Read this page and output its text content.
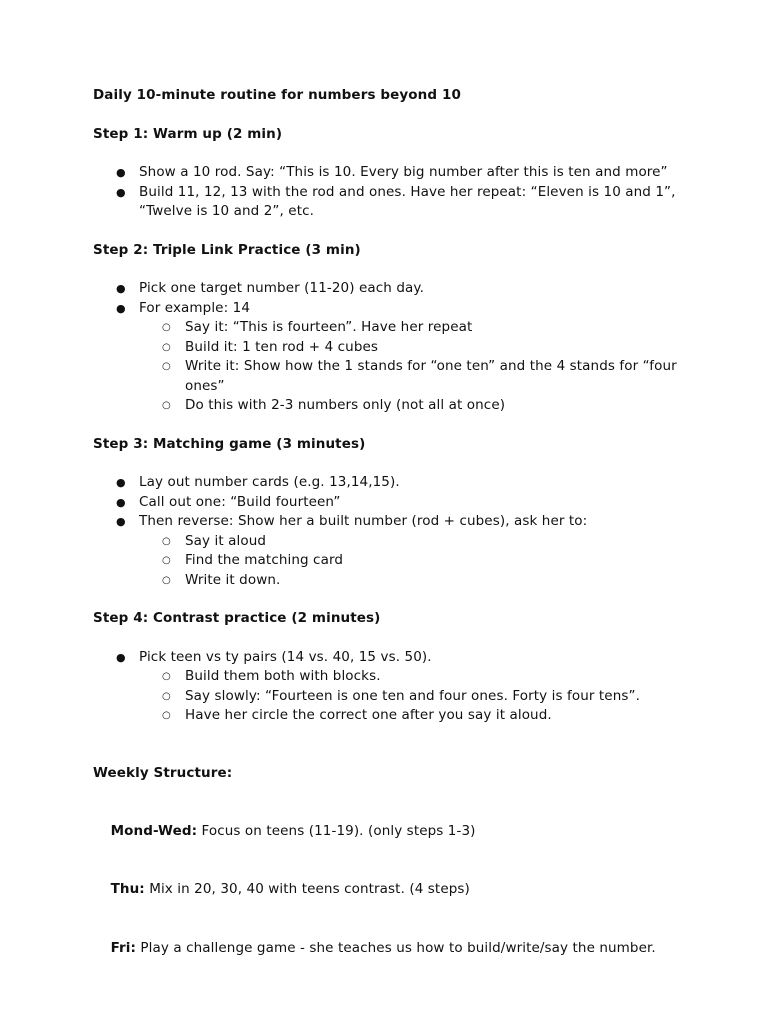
Daily 10-minute routine for numbers beyond 10
Step 1: Warm up (2 min)
● Show a 10 rod. Say: “This is 10. Every big number after this is ten and more”
● Build 11, 12, 13 with the rod and ones. Have her repeat: “Eleven is 10 and 1”, “Twelve is 10 and 2”, etc.
Step 2: Triple Link Practice (3 min)
● Pick one target number (11-20) each day.
● For example: 14
○ Say it: “This is fourteen”. Have her repeat
○ Build it: 1 ten rod + 4 cubes
○ Write it: Show how the 1 stands for “one ten” and the 4 stands for “four ones”
○ Do this with 2-3 numbers only (not all at once)
Step 3: Matching game (3 minutes)
● Lay out number cards (e.g. 13,14,15).
● Call out one: “Build fourteen”
● Then reverse: Show her a built number (rod + cubes), ask her to:
○ Say it aloud
○ Find the matching card
○ Write it down.
Step 4: Contrast practice (2 minutes)
● Pick teen vs ty pairs (14 vs. 40, 15 vs. 50).
○ Build them both with blocks.
○ Say slowly: “Fourteen is one ten and four ones. Forty is four tens”.
○ Have her circle the correct one after you say it aloud.
Weekly Structure:

Mond-Wed: Focus on teens (11-19). (only steps 1-3)

Thu: Mix in 20, 30, 40 with teens contrast. (4 steps)

Fri: Play a challenge game - she teaches us how to build/write/say the number.
